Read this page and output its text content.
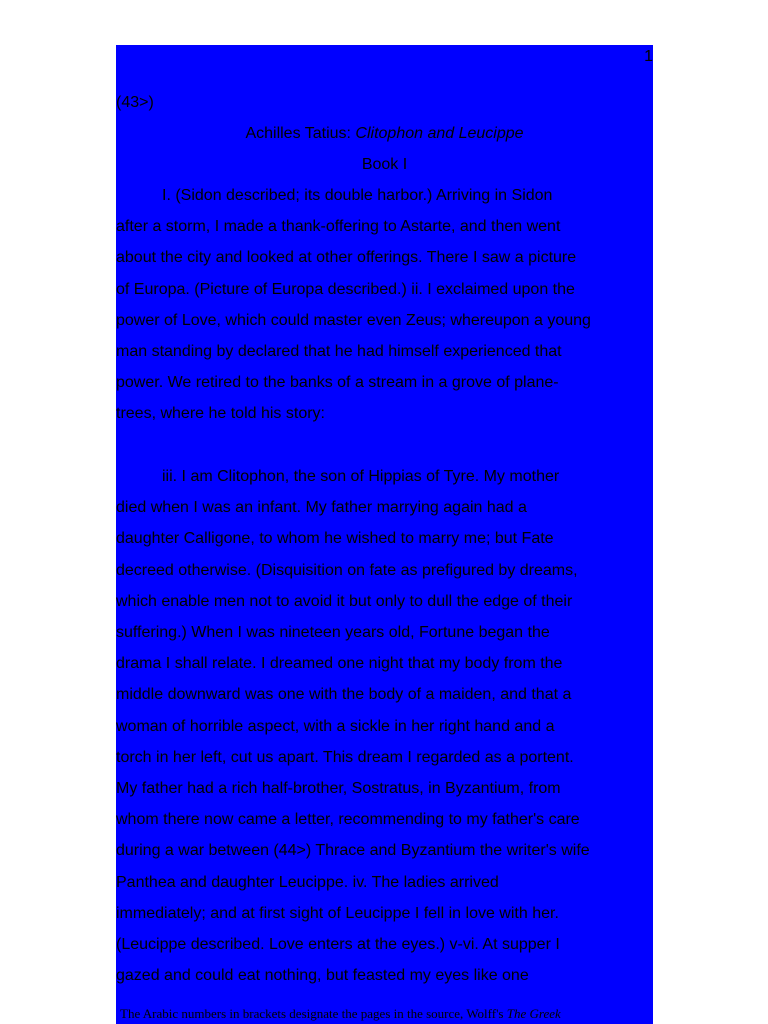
1
(43>)
Achilles Tatius: Clitophon and Leucippe
Book I
I. (Sidon described; its double harbor.) Arriving in Sidon
after a storm, I made a thank-offering to Astarte, and then went
about the city and looked at other offerings. There I saw a picture
of Europa. (Picture of Europa described.) ii. I exclaimed upon the
power of Love, which could master even Zeus; whereupon a young
man standing by declared that he had himself experienced that
power. We retired to the banks of a stream in a grove of plane-
trees, where he told his story:
iii. I am Clitophon, the son of Hippias of Tyre. My mother
died when I was an infant. My father marrying again had a
daughter Calligone, to whom he wished to marry me; but Fate
decreed otherwise. (Disquisition on fate as prefigured by dreams,
which enable men not to avoid it but only to dull the edge of their
suffering.) When I was nineteen years old, Fortune began the
drama I shall relate. I dreamed one night that my body from the
middle downward was one with the body of a maiden, and that a
woman of horrible aspect, with a sickle in her right hand and a
torch in her left, cut us apart. This dream I regarded as a portent.
My father had a rich half-brother, Sostratus, in Byzantium, from
whom there now came a letter, recommending to my father's care
during a war between (44>) Thrace and Byzantium the writer's wife
Panthea and daughter Leucippe. iv. The ladies arrived
immediately; and at first sight of Leucippe I fell in love with her.
(Leucippe described. Love enters at the eyes.) v-vi. At supper I
gazed and could eat nothing, but feasted my eyes like one
The Arabic numbers in brackets designate the pages in the source, Wolff's The Greek
